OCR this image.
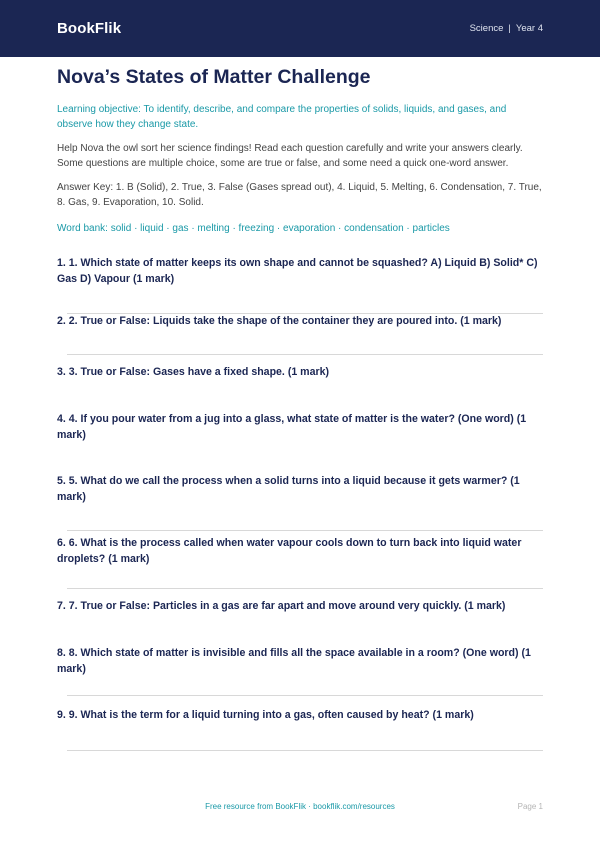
BookFlik	Science | Year 4
Nova’s States of Matter Challenge
Learning objective: To identify, describe, and compare the properties of solids, liquids, and gases, and observe how they change state.
Help Nova the owl sort her science findings! Read each question carefully and write your answers clearly. Some questions are multiple choice, some are true or false, and some need a quick one-word answer.
Answer Key: 1. B (Solid), 2. True, 3. False (Gases spread out), 4. Liquid, 5. Melting, 6. Condensation, 7. True, 8. Gas, 9. Evaporation, 10. Solid.
Word bank: solid · liquid · gas · melting · freezing · evaporation · condensation · particles
1. 1. Which state of matter keeps its own shape and cannot be squashed? A) Liquid B) Solid* C) Gas D) Vapour (1 mark)
2. 2. True or False: Liquids take the shape of the container they are poured into. (1 mark)
3. 3. True or False: Gases have a fixed shape. (1 mark)
4. 4. If you pour water from a jug into a glass, what state of matter is the water? (One word) (1 mark)
5. 5. What do we call the process when a solid turns into a liquid because it gets warmer? (1 mark)
6. 6. What is the process called when water vapour cools down to turn back into liquid water droplets? (1 mark)
7. 7. True or False: Particles in a gas are far apart and move around very quickly. (1 mark)
8. 8. Which state of matter is invisible and fills all the space available in a room? (One word) (1 mark)
9. 9. What is the term for a liquid turning into a gas, often caused by heat? (1 mark)
Free resource from BookFlik · bookflik.com/resources	Page 1
